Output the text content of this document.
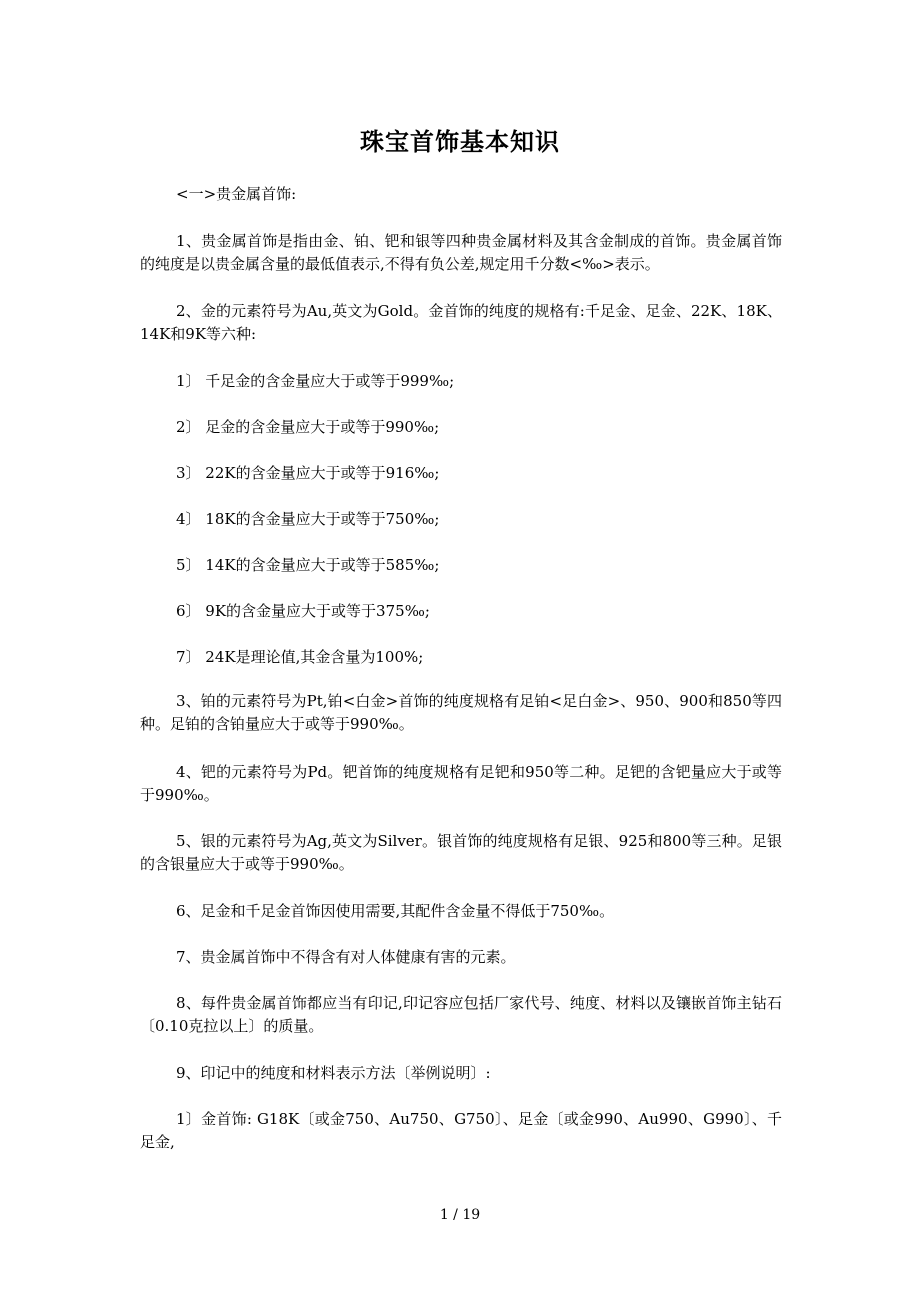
珠宝首饰基本知识

<一>贵金属首饰:

1、贵金属首饰是指由金、铂、钯和银等四种贵金属材料及其含金制成的首饰。贵金属首饰的纯度是以贵金属含量的最低值表示,不得有负公差,规定用千分数<‰>表示。

2、金的元素符号为Au,英文为Gold。金首饰的纯度的规格有:千足金、足金、22K、18K、14K和9K等六种:

1〕 千足金的含金量应大于或等于999‰;

2〕 足金的含金量应大于或等于990‰;

3〕 22K的含金量应大于或等于916‰;

4〕 18K的含金量应大于或等于750‰;

5〕 14K的含金量应大于或等于585‰;

6〕 9K的含金量应大于或等于375‰;

7〕 24K是理论值,其金含量为100%;

3、铂的元素符号为Pt,铂<白金>首饰的纯度规格有足铂<足白金>、950、900和850等四种。足铂的含铂量应大于或等于990‰。

4、钯的元素符号为Pd。钯首饰的纯度规格有足钯和950等二种。足钯的含钯量应大于或等于990‰。

5、银的元素符号为Ag,英文为Silver。银首饰的纯度规格有足银、925和800等三种。足银的含银量应大于或等于990‰。

6、足金和千足金首饰因使用需要,其配件含金量不得低于750‰。

7、贵金属首饰中不得含有对人体健康有害的元素。

8、每件贵金属首饰都应当有印记,印记容应包括厂家代号、纯度、材料以及镶嵌首饰主钻石〔0.10克拉以上〕的质量。

9、印记中的纯度和材料表示方法〔举例说明〕:

1〕金首饰: G18K〔或金750、Au750、G750〕、足金〔或金990、Au990、G990〕、千足金,

1 / 19
